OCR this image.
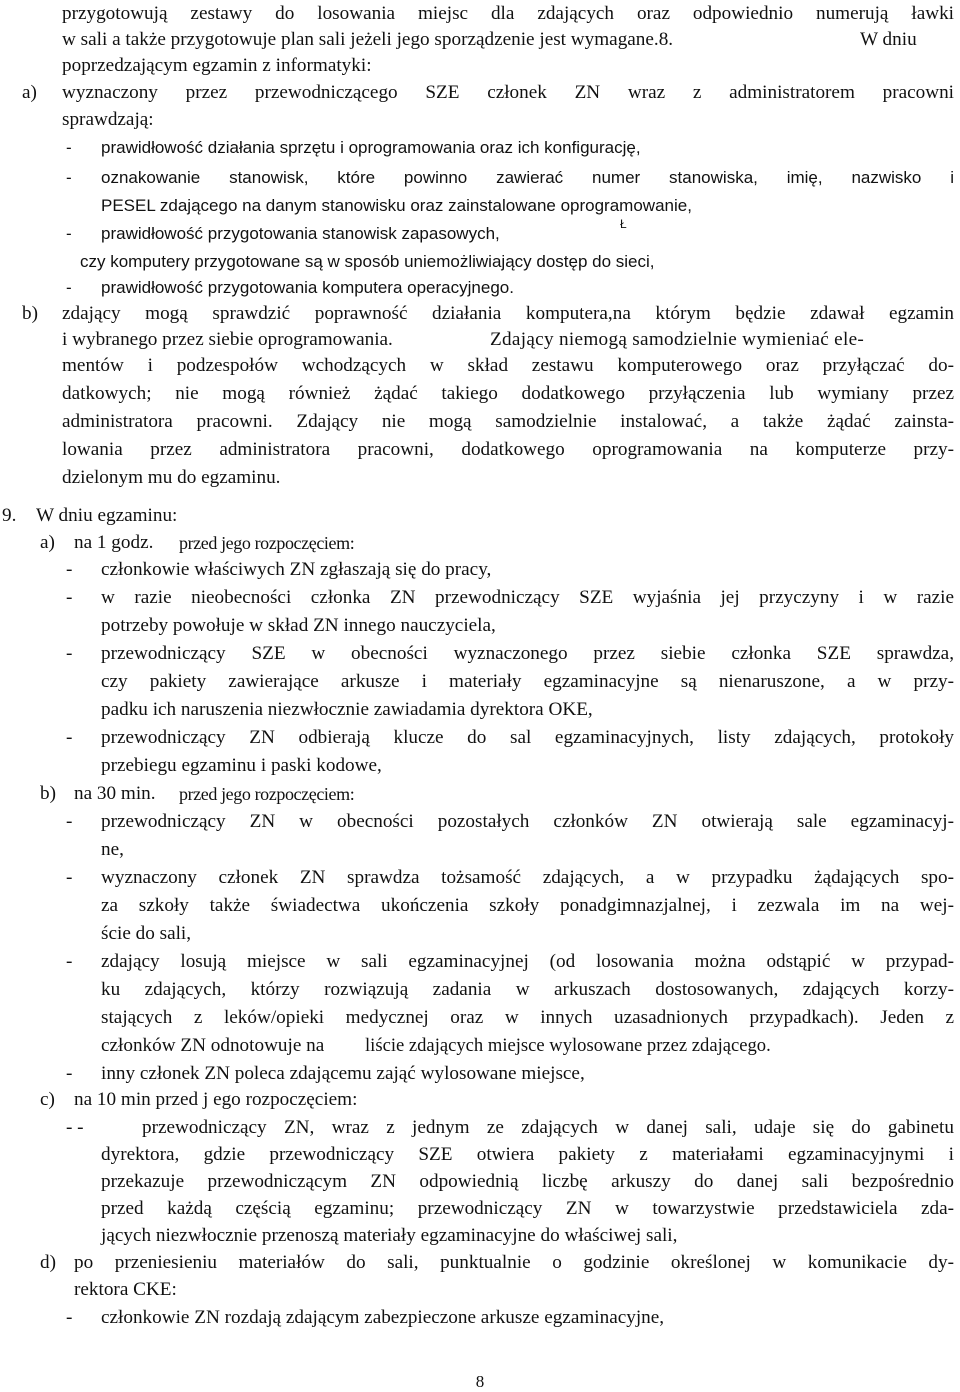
przygotowują zestawy do losowania miejsc dla zdających oraz odpowiednio numerują ławki
w sali a także przygotowuje plan sali jeżeli jego sporządzenie jest wymagane.8.	W dniu
poprzedzającym egzamin z informatyki:
a) wyznaczony przez przewodniczącego SZE członek ZN wraz z administratorem pracowni
sprawdzają:
- prawidłowość działania sprzętu i oprogramowania oraz ich konfigurację,
- oznakowanie stanowisk, które powinno zawierać numer stanowiska, imię, nazwisko i
PESEL zdającego na danym stanowisku oraz zainstalowane oprogramowanie,
- prawidłowość przygotowania stanowisk zapasowych,	Ł
czy komputery przygotowane są w sposób uniemożliwiający dostęp do sieci,
- prawidłowość przygotowania komputera operacyjnego.
b) zdający mogą sprawdzić poprawność działania komputera,na którym będzie zdawał egzamin
i wybranego przez siebie oprogramowania.	Zdający niemogą samodzielnie wymieniać ele-
mentów i podzespołów wchodzących w skład zestawu komputerowego oraz przyłączać do-
datkowych; nie mogą również żądać takiego dodatkowego przyłączenia lub wymiany przez
administratora pracowni. Zdający nie mogą samodzielnie instalować, a także żądać zainsta-
lowania przez administratora pracowni, dodatkowego oprogramowania na komputerze przy-
dzielonym mu do egzaminu.
9. W dniu egzaminu:
a) na 1 godz. przed jego rozpoczęciem:
- członkowie właściwych ZN zgłaszają się do pracy,
- w razie nieobecności członka ZN przewodniczący SZE wyjaśnia jej przyczyny i w razie
potrzeby powołuje w skład ZN innego nauczyciela,
- przewodniczący SZE w obecności wyznaczonego przez siebie członka SZE sprawdza,
czy pakiety zawierające arkusze i materiały egzaminacyjne są nienaruszone, a w przy-
padku ich naruszenia niezwłocznie zawiadamia dyrektora OKE,
- przewodniczący ZN odbierają klucze do sal egzaminacyjnych, listy zdających, protokoły
przebiegu egzaminu i paski kodowe,
b) na 30 min. przed jego rozpoczęciem:
- przewodniczący ZN w obecności pozostałych członków ZN otwierają sale egzaminacyj-
ne,
- wyznaczony członek ZN sprawdza tożsamość zdających, a w przypadku żądających spo-
za szkoły także świadectwa ukończenia szkoły ponadgimnazjalnej, i zezwala im na wej-
ście do sali,
- zdający losują miejsce w sali egzaminacyjnej (od losowania można odstąpić w przypad-
ku zdających, którzy rozwiązują zadania w arkuszach dostosowanych, zdających korzy-
stających z leków/opieki medycznej oraz w innych uzasadnionych przypadkach). Jeden z
członków ZN odnotowuje na liście zdających miejsce wylosowane przez zdającego.
- inny członek ZN poleca zdającemu zająć wylosowane miejsce,
c) na 10 min przed j ego rozpoczęciem:
- -	przewodniczący ZN, wraz z jednym ze zdających w danej sali, udaje się do gabinetu
dyrektora, gdzie przewodniczący SZE otwiera pakiety z materiałami egzaminacyjnymi i
przekazuje przewodniczącym ZN odpowiednią liczbę arkuszy do danej sali bezpośrednio
przed każdą częścią egzaminu; przewodniczący ZN w towarzystwie przedstawiciela zda-
jących niezwłocznie przenoszą materiały egzaminacyjne do właściwej sali,
d) po przeniesieniu materiałów do sali, punktualnie o godzinie określonej w komunikacie dy-
rektora CKE:
- członkowie ZN rozdają zdającym zabezpieczone arkusze egzaminacyjne,
8
